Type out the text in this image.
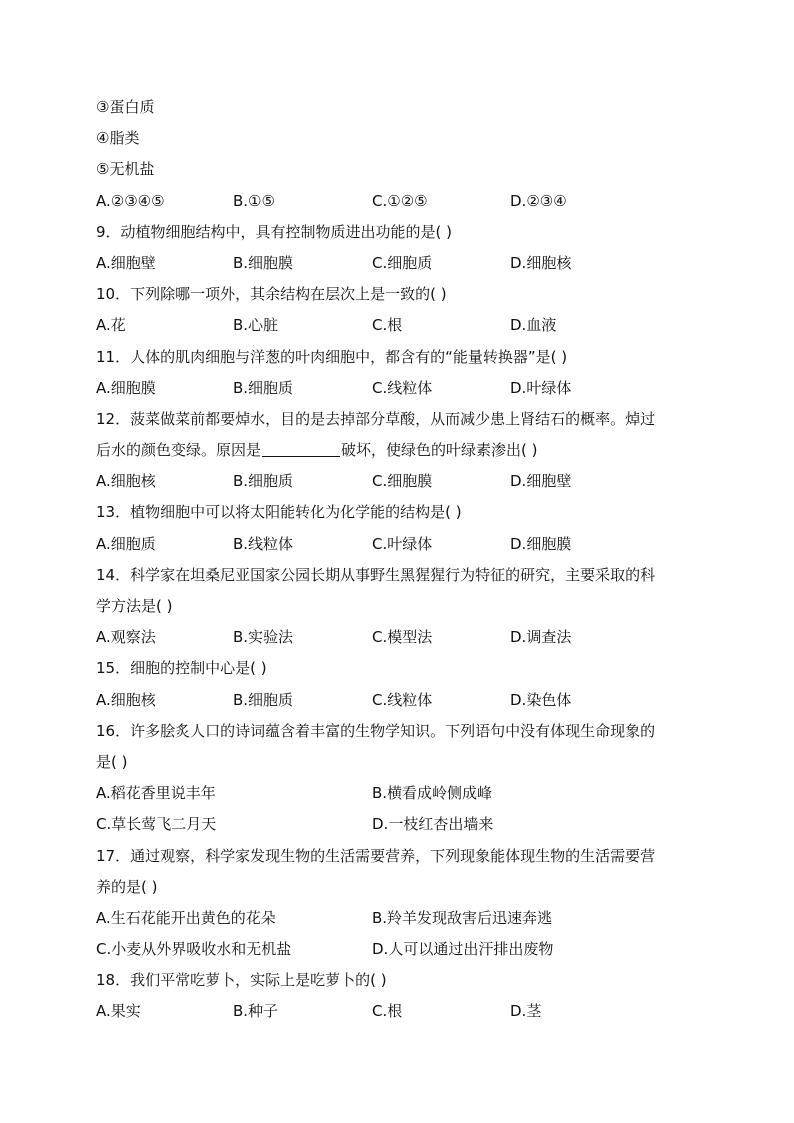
③蛋白质
④脂类
⑤无机盐
A.②③④⑤	B.①⑤	C.①②⑤	D.②③④
9．动植物细胞结构中，具有控制物质进出功能的是( )
A.细胞壁	B.细胞膜	C.细胞质	D.细胞核
10．下列除哪一项外，其余结构在层次上是一致的( )
A.花	B.心脏	C.根	D.血液
11．人体的肌肉细胞与洋葱的叶肉细胞中，都含有的“能量转换器”是( )
A.细胞膜	B.细胞质	C.线粒体	D.叶绿体
12．菠菜做菜前都要焯水，目的是去掉部分草酸，从而减少患上肾结石的概率。焯过
后水的颜色变绿。原因是	破坏，使绿色的叶绿素渗出( )
A.细胞核	B.细胞质	C.细胞膜	D.细胞壁
13．植物细胞中可以将太阳能转化为化学能的结构是( )
A.细胞质	B.线粒体	C.叶绿体	D.细胞膜
14．科学家在坦桑尼亚国家公园长期从事野生黑猩猩行为特征的研究，主要采取的科
学方法是( )
A.观察法	B.实验法	C.模型法	D.调查法
15．细胞的控制中心是( )
A.细胞核	B.细胞质	C.线粒体	D.染色体
16．许多脍炙人口的诗词蕴含着丰富的生物学知识。下列语句中没有体现生命现象的
是( )
A.稻花香里说丰年	B.横看成岭侧成峰
C.草长莺飞二月天	D.一枝红杏出墙来
17．通过观察，科学家发现生物的生活需要营养，下列现象能体现生物的生活需要营
养的是( )
A.生石花能开出黄色的花朵	B.羚羊发现敌害后迅速奔逃
C.小麦从外界吸收水和无机盐	D.人可以通过出汗排出废物
18．我们平常吃萝卜，实际上是吃萝卜的( )
A.果实	B.种子	C.根	D.茎
